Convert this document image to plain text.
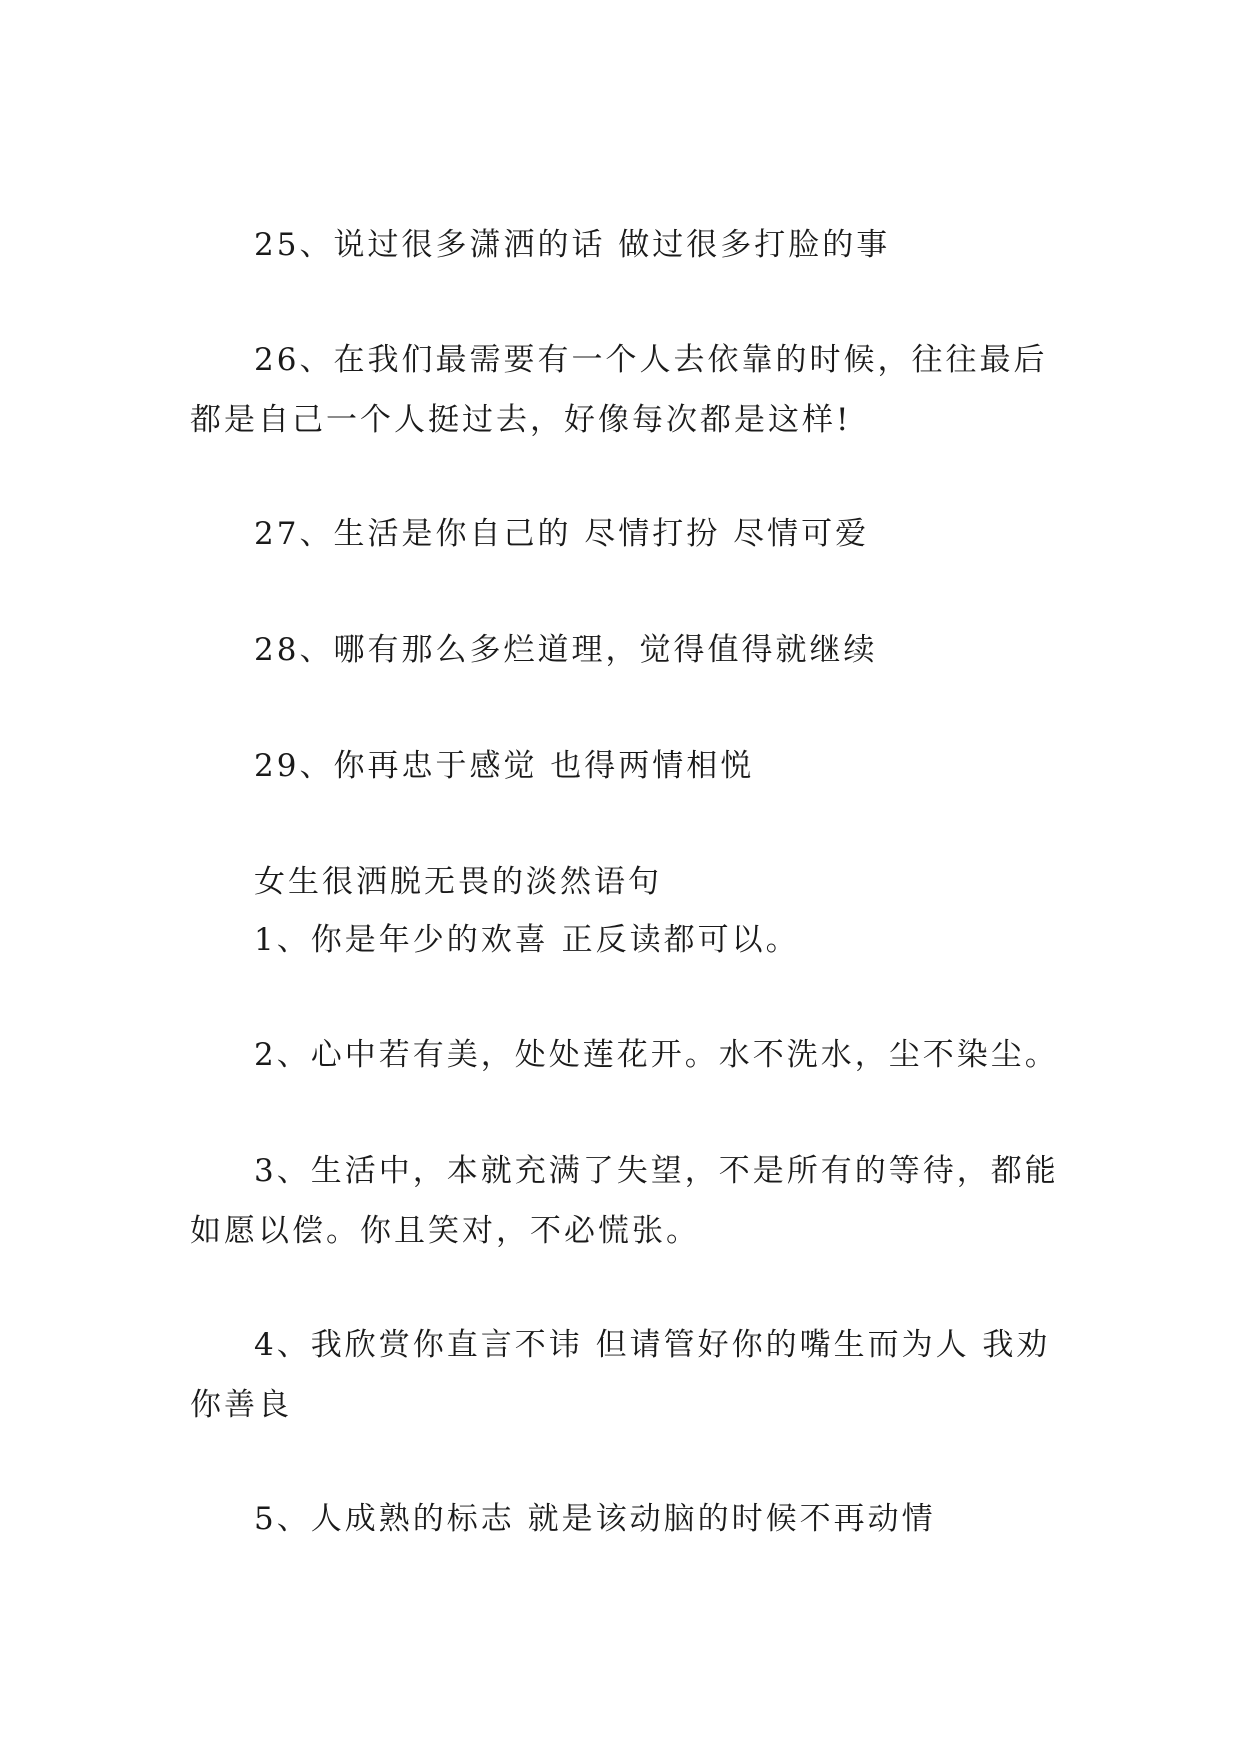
25、说过很多潇洒的话 做过很多打脸的事

26、在我们最需要有一个人去依靠的时候，往往最后都是自己一个人挺过去，好像每次都是这样!

27、生活是你自己的 尽情打扮 尽情可爱

28、哪有那么多烂道理，觉得值得就继续

29、你再忠于感觉 也得两情相悦

女生很洒脱无畏的淡然语句

1、你是年少的欢喜 正反读都可以。

2、心中若有美，处处莲花开。水不洗水，尘不染尘。

3、生活中，本就充满了失望，不是所有的等待，都能如愿以偿。你且笑对，不必慌张。

4、我欣赏你直言不讳 但请管好你的嘴生而为人 我劝你善良

5、人成熟的标志 就是该动脑的时候不再动情
